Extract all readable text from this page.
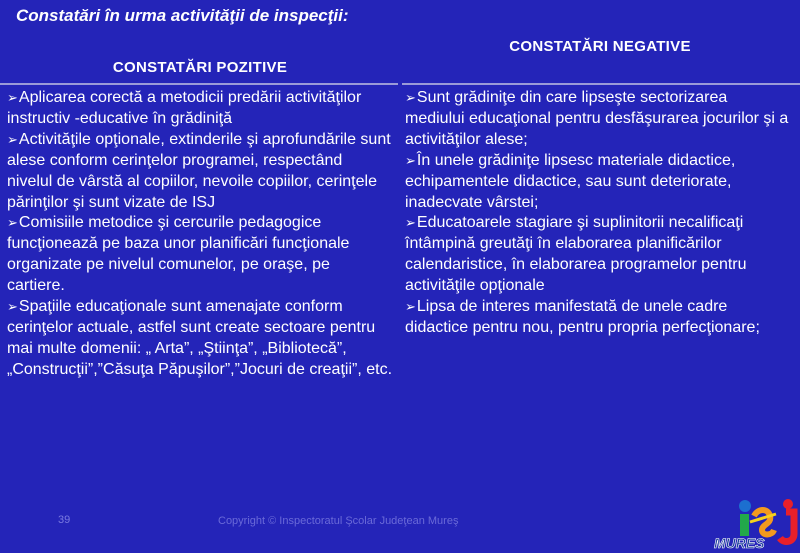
Constatări în urma activităţii de inspecţii:
CONSTATĂRI POZITIVE
CONSTATĂRI NEGATIVE

➢Aplicarea corectă a metodicii predării activităţilor instructiv -educative în grădiniţă

➢Activităţile opţionale, extinderile şi aprofundările sunt alese conform cerinţelor programei, respectând nivelul de vârstă al copiilor, nevoile copiilor, cerinţele părinţilor şi sunt vizate de ISJ

➢Comisiile metodice şi cercurile pedagogice funcţionează pe baza unor planificări funcţionale organizate pe nivelul comunelor, pe oraşe, pe cartiere.

➢Spaţiile educaţionale sunt amenajate conform cerinţelor actuale, astfel sunt create sectoare pentru mai multe domenii: „ Arta”, „Ştiinţa”, „Bibliotecă”, „Construcţii”,”Căsuţa Păpuşilor”,”Jocuri de creaţii”, etc.

➢Sunt grădiniţe din care lipseşte sectorizarea mediului educaţional pentru desfăşurarea jocurilor şi a activităţilor alese;

➢În unele grădiniţe lipsesc materiale didactice, echipamentele didactice, sau sunt deteriorate, inadecvate vârstei;

➢Educatoarele stagiare şi suplinitorii necalificaţi întâmpină greutăţi în elaborarea planificărilor calendaristice, în elaborarea programelor pentru activităţile opţionale

➢Lipsa de interes manifestată de unele cadre didactice pentru nou, pentru propria perfecţionare;

39	Copyright © Inspectoratul Şcolar Judeţean Mureş
MURES
